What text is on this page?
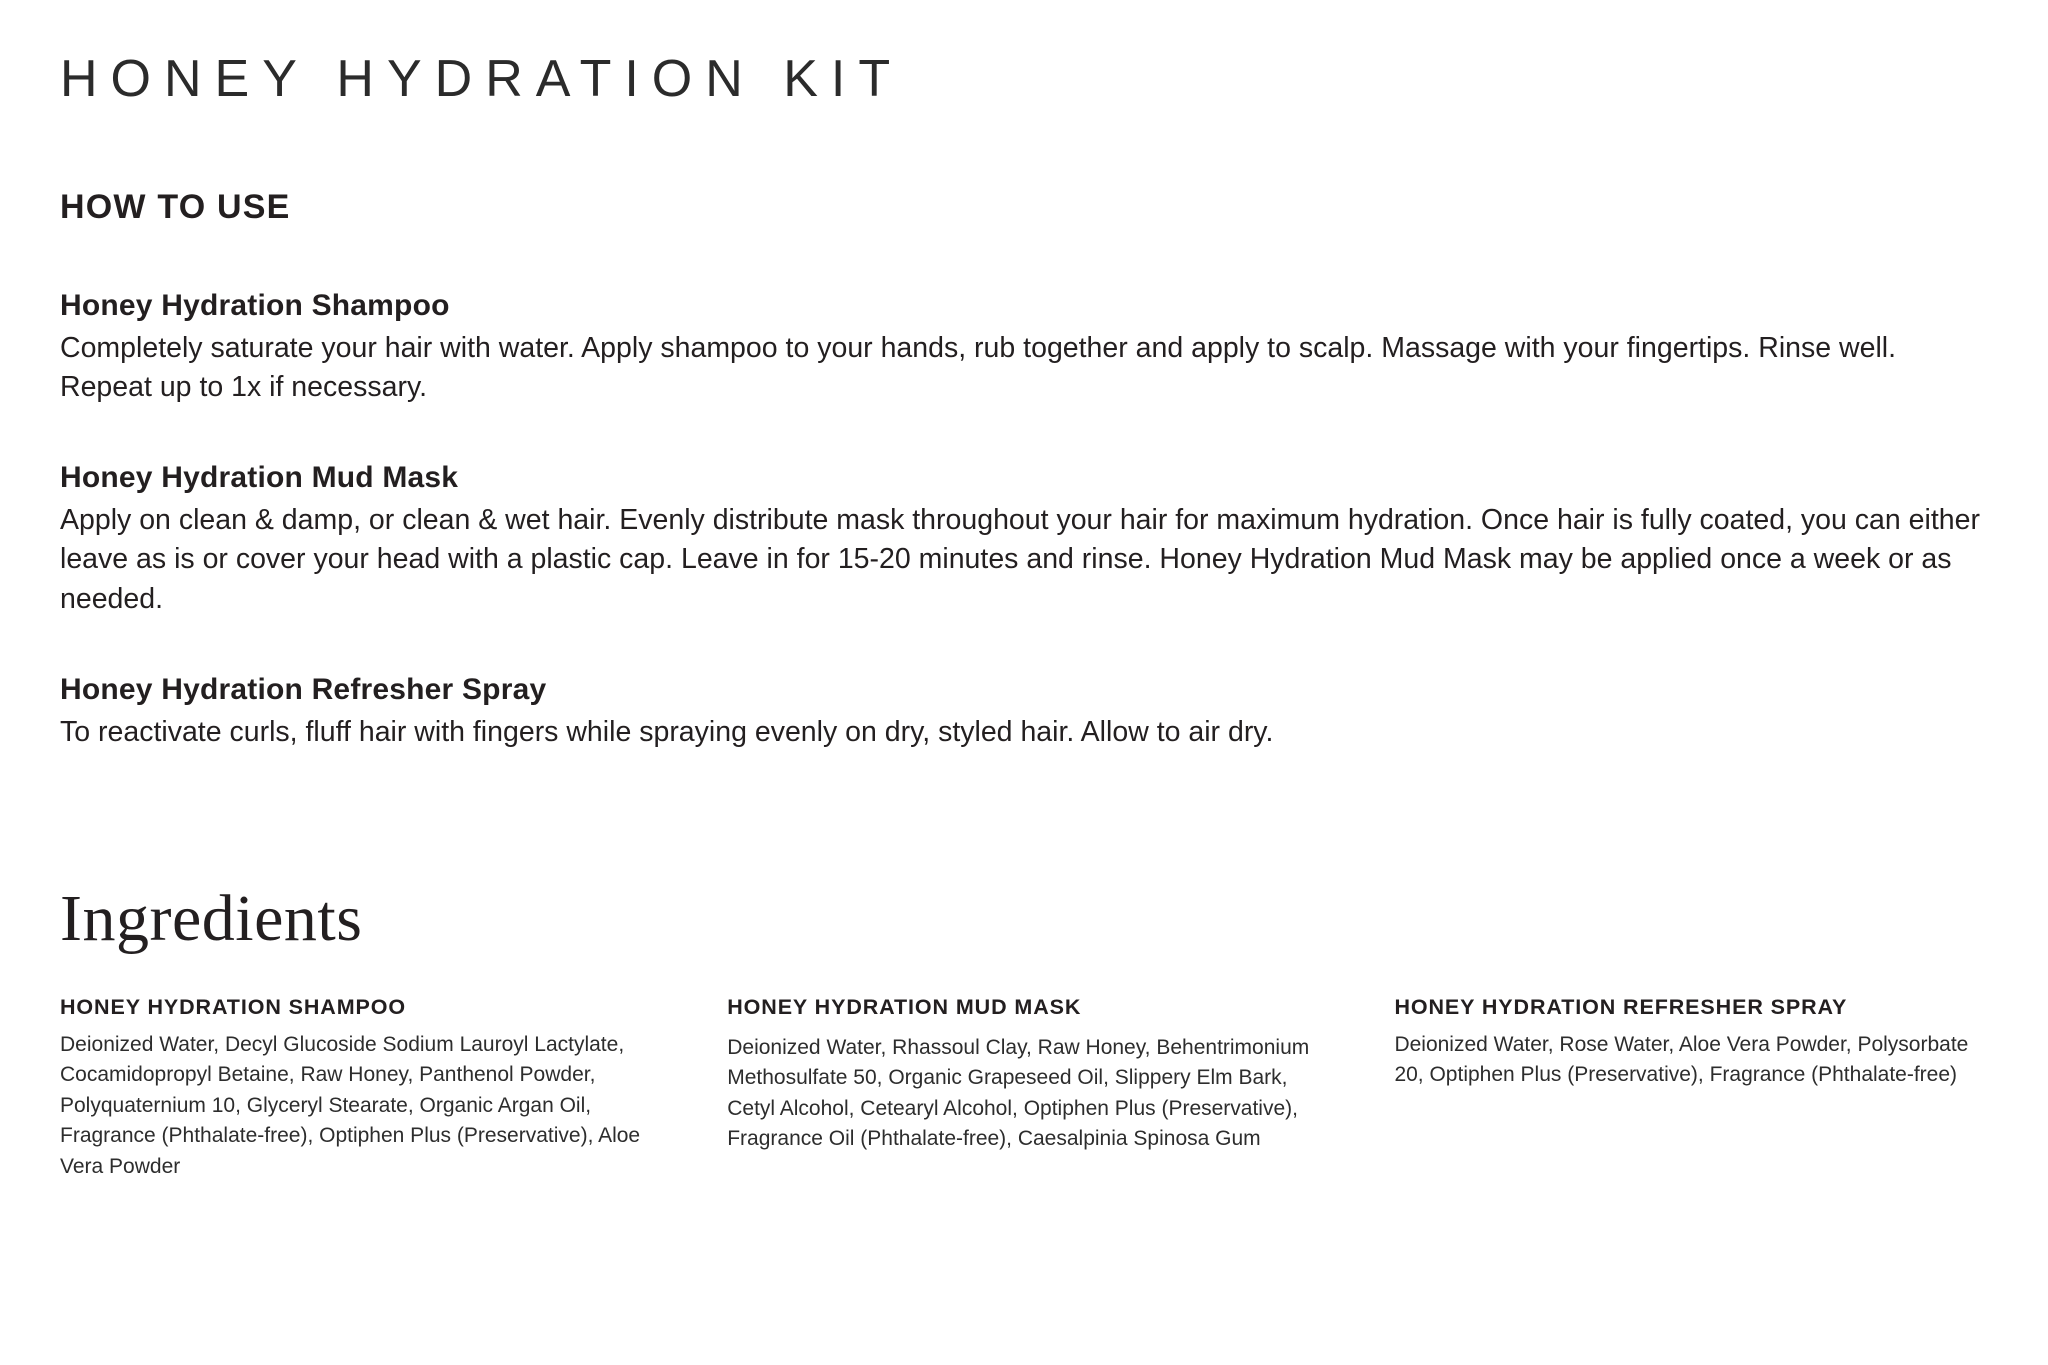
HONEY HYDRATION KIT
HOW TO USE
Honey Hydration Shampoo

Completely saturate your hair with water. Apply shampoo to your hands, rub together and apply to scalp. Massage with your fingertips. Rinse well. Repeat up to 1x if necessary.

Honey Hydration Mud Mask

Apply on clean & damp, or clean & wet hair. Evenly distribute mask throughout your hair for maximum hydration. Once hair is fully coated, you can either leave as is or cover your head with a plastic cap. Leave in for 15-20 minutes and rinse. Honey Hydration Mud Mask may be applied once a week or as needed.

Honey Hydration Refresher Spray

To reactivate curls, fluff hair with fingers while spraying evenly on dry, styled hair. Allow to air dry.

Ingredients
HONEY HYDRATION SHAMPOO

Deionized Water, Decyl Glucoside Sodium Lauroyl Lactylate, Cocamidopropyl Betaine, Raw Honey, Panthenol Powder, Polyquaternium 10, Glyceryl Stearate, Organic Argan Oil, Fragrance (Phthalate-free), Optiphen Plus (Preservative), Aloe Vera Powder

HONEY HYDRATION MUD MASK

Deionized Water, Rhassoul Clay, Raw Honey, Behentrimonium Methosulfate 50, Organic Grapeseed Oil, Slippery Elm Bark, Cetyl Alcohol, Cetearyl Alcohol, Optiphen Plus (Preservative), Fragrance Oil (Phthalate-free), Caesalpinia Spinosa Gum

HONEY HYDRATION REFRESHER SPRAY

Deionized Water, Rose Water, Aloe Vera Powder, Polysorbate 20, Optiphen Plus (Preservative), Fragrance (Phthalate-free)
